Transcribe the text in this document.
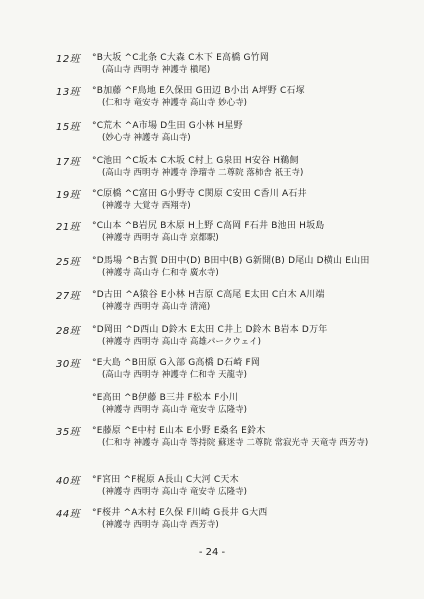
12班	°B大坂 ^C北条 C大森 C木下 E高橋 G竹岡
(高山寺 西明寺 神護寺 槇尾)
13班	°B加藤 ^F鳥地 E久保田 G田辺 B小出 A坪野 C石塚
(仁和寺 竜安寺 神護寺 高山寺 妙心寺)
15班	°C荒木 ^A市場 D生田 G小林 H星野
(妙心寺 神護寺 高山寺)
17班	°C池田 ^C坂本 C木坂 C村上 G泉田 H安谷 H鵜飼
(高山寺 西明寺 神護寺 浄瑠寺 二尊院 落柿舎 祇王寺)
19班	°C原橋 ^C富田 G小野寺 C関原 C安田 C香川 A石井
(神護寺 大覚寺 西翔寺)
21班	°C山本 ^B岩尻 B木原 H上野 C高岡 F石井 B池田 H坂島
(神護寺 西明寺 高山寺 京都駅)
25班	°D馬場 ^B古賀 D田中(D) B田中(B) G新開(B) D尾山 D横山 E山田
(神護寺 高山寺 仁和寺 廣水寺)
27班	°D古田 ^A猿谷 E小林 H吉原 C高尾 E太田 C白木 A川端
(神護寺 西明寺 高山寺 清滝)
28班	°D岡田 ^D西山 D鈴木 E太田 C井上 D鈴木 B岩本 D万年
(神護寺 西明寺 高山寺 高雄パークウェイ)
30班	°E大島 ^B田原 G入部 G高橋 D石崎 F岡
(高山寺 西明寺 神護寺 仁和寺 天龍寺)
°E高田 ^B伊藤 B三井 F松本 F小川
(神護寺 西明寺 高山寺 竜安寺 広隆寺)
35班	°E藤原 ^E中村 E山本 E小野 E桑名 E鈴木
(仁和寺 神護寺 高山寺 等持院 蘇迷寺 二尊院 常寂光寺 天竜寺 西芳寺)
40班	°F宮田 ^F梶原 A長山 C大河 C天木
(神護寺 西明寺 高山寺 竜安寺 広隆寺)
44班	°F桜井 ^A木村 E久保 F川崎 G長井 G大西
(神護寺 西明寺 高山寺 西芳寺)
- 24 -
